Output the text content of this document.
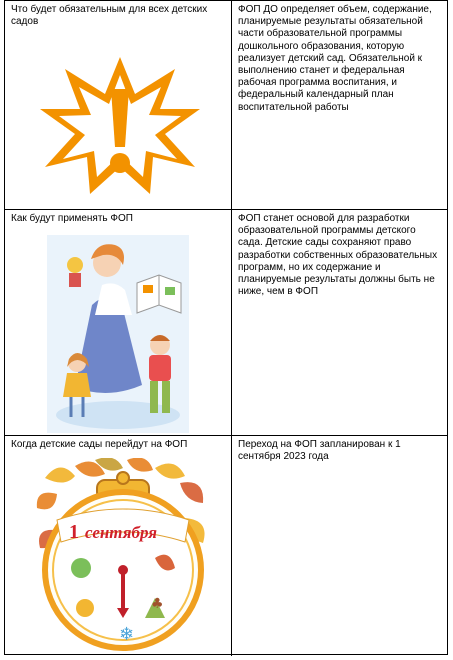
Что будет обязательным для всех детских садов
ФОП ДО определяет объем, содержание, планируемые результаты обязательной части образовательной программы дошкольного образования, которую реализует детский сад. Обязательной к выполнению станет и федеральная рабочая программа воспитания, и федеральный календарный план воспитательной работы
Как будут применять ФОП	ФОП станет основой для разработки образовательной программы детского сада. Детские сады сохраняют право разработки собственных образовательных программ, но их содержание и планируемые результаты должны быть не ниже, чем в ФОП
Когда детские сады перейдут на ФОП
1 сентября
❄
♣
Переход на ФОП запланирован к 1 сентября 2023 года
